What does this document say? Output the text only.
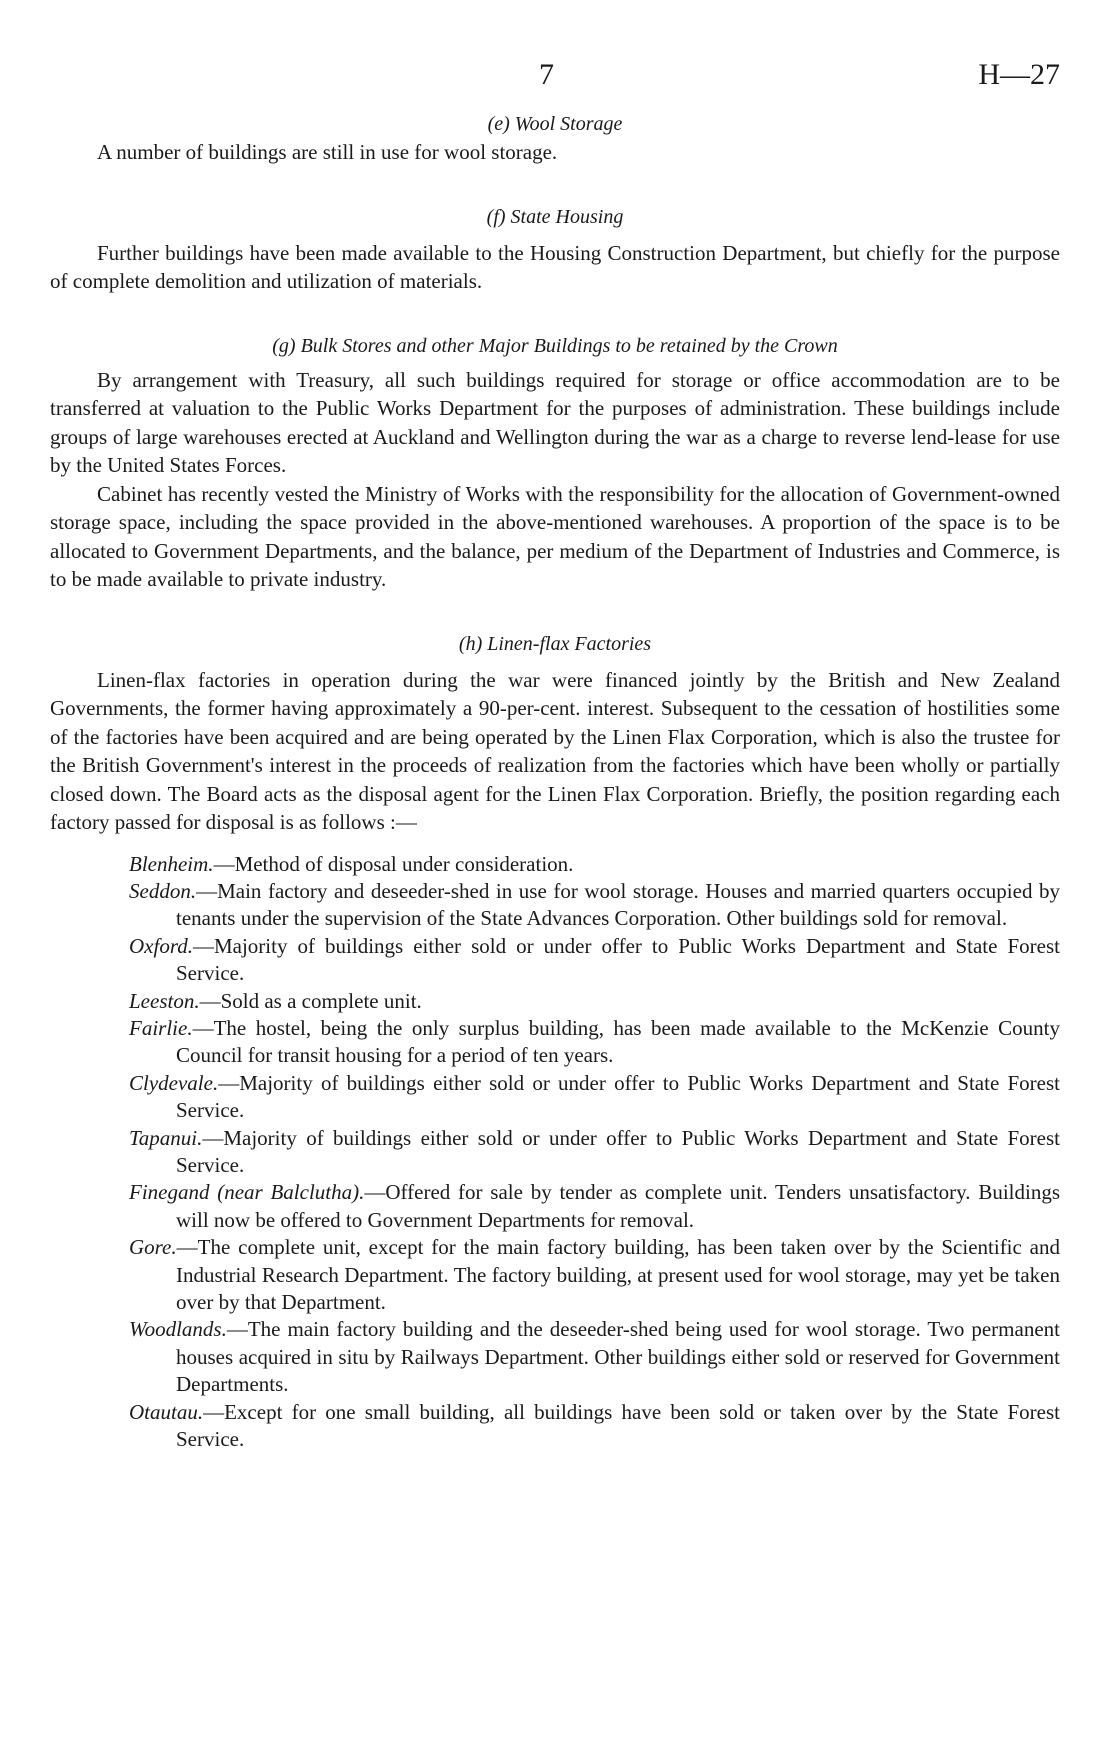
7	H—27
(e) Wool Storage

A number of buildings are still in use for wool storage.

(f) State Housing

Further buildings have been made available to the Housing Construction Department, but chiefly for the purpose of complete demolition and utilization of materials.

(g) Bulk Stores and other Major Buildings to be retained by the Crown

By arrangement with Treasury, all such buildings required for storage or office accommodation are to be transferred at valuation to the Public Works Department for the purposes of administration. These buildings include groups of large warehouses erected at Auckland and Wellington during the war as a charge to reverse lend-lease for use by the United States Forces.

Cabinet has recently vested the Ministry of Works with the responsibility for the allocation of Government-owned storage space, including the space provided in the above-mentioned warehouses. A proportion of the space is to be allocated to Government Departments, and the balance, per medium of the Department of Industries and Commerce, is to be made available to private industry.

(h) Linen-flax Factories

Linen-flax factories in operation during the war were financed jointly by the British and New Zealand Governments, the former having approximately a 90-per-cent. interest. Subsequent to the cessation of hostilities some of the factories have been acquired and are being operated by the Linen Flax Corporation, which is also the trustee for the British Government's interest in the proceeds of realization from the factories which have been wholly or partially closed down. The Board acts as the disposal agent for the Linen Flax Corporation. Briefly, the position regarding each factory passed for disposal is as follows :—

Blenheim.—Method of disposal under consideration.
Seddon.—Main factory and deseeder-shed in use for wool storage. Houses and married quarters occupied by tenants under the supervision of the State Advances Corporation. Other buildings sold for removal.
Oxford.—Majority of buildings either sold or under offer to Public Works Department and State Forest Service.
Leeston.—Sold as a complete unit.
Fairlie.—The hostel, being the only surplus building, has been made available to the McKenzie County Council for transit housing for a period of ten years.
Clydevale.—Majority of buildings either sold or under offer to Public Works Department and State Forest Service.
Tapanui.—Majority of buildings either sold or under offer to Public Works Department and State Forest Service.
Finegand (near Balclutha).—Offered for sale by tender as complete unit. Tenders unsatisfactory. Buildings will now be offered to Government Departments for removal.
Gore.—The complete unit, except for the main factory building, has been taken over by the Scientific and Industrial Research Department. The factory building, at present used for wool storage, may yet be taken over by that Department.
Woodlands.—The main factory building and the deseeder-shed being used for wool storage. Two permanent houses acquired in situ by Railways Department. Other buildings either sold or reserved for Government Departments.
Otautau.—Except for one small building, all buildings have been sold or taken over by the State Forest Service.
